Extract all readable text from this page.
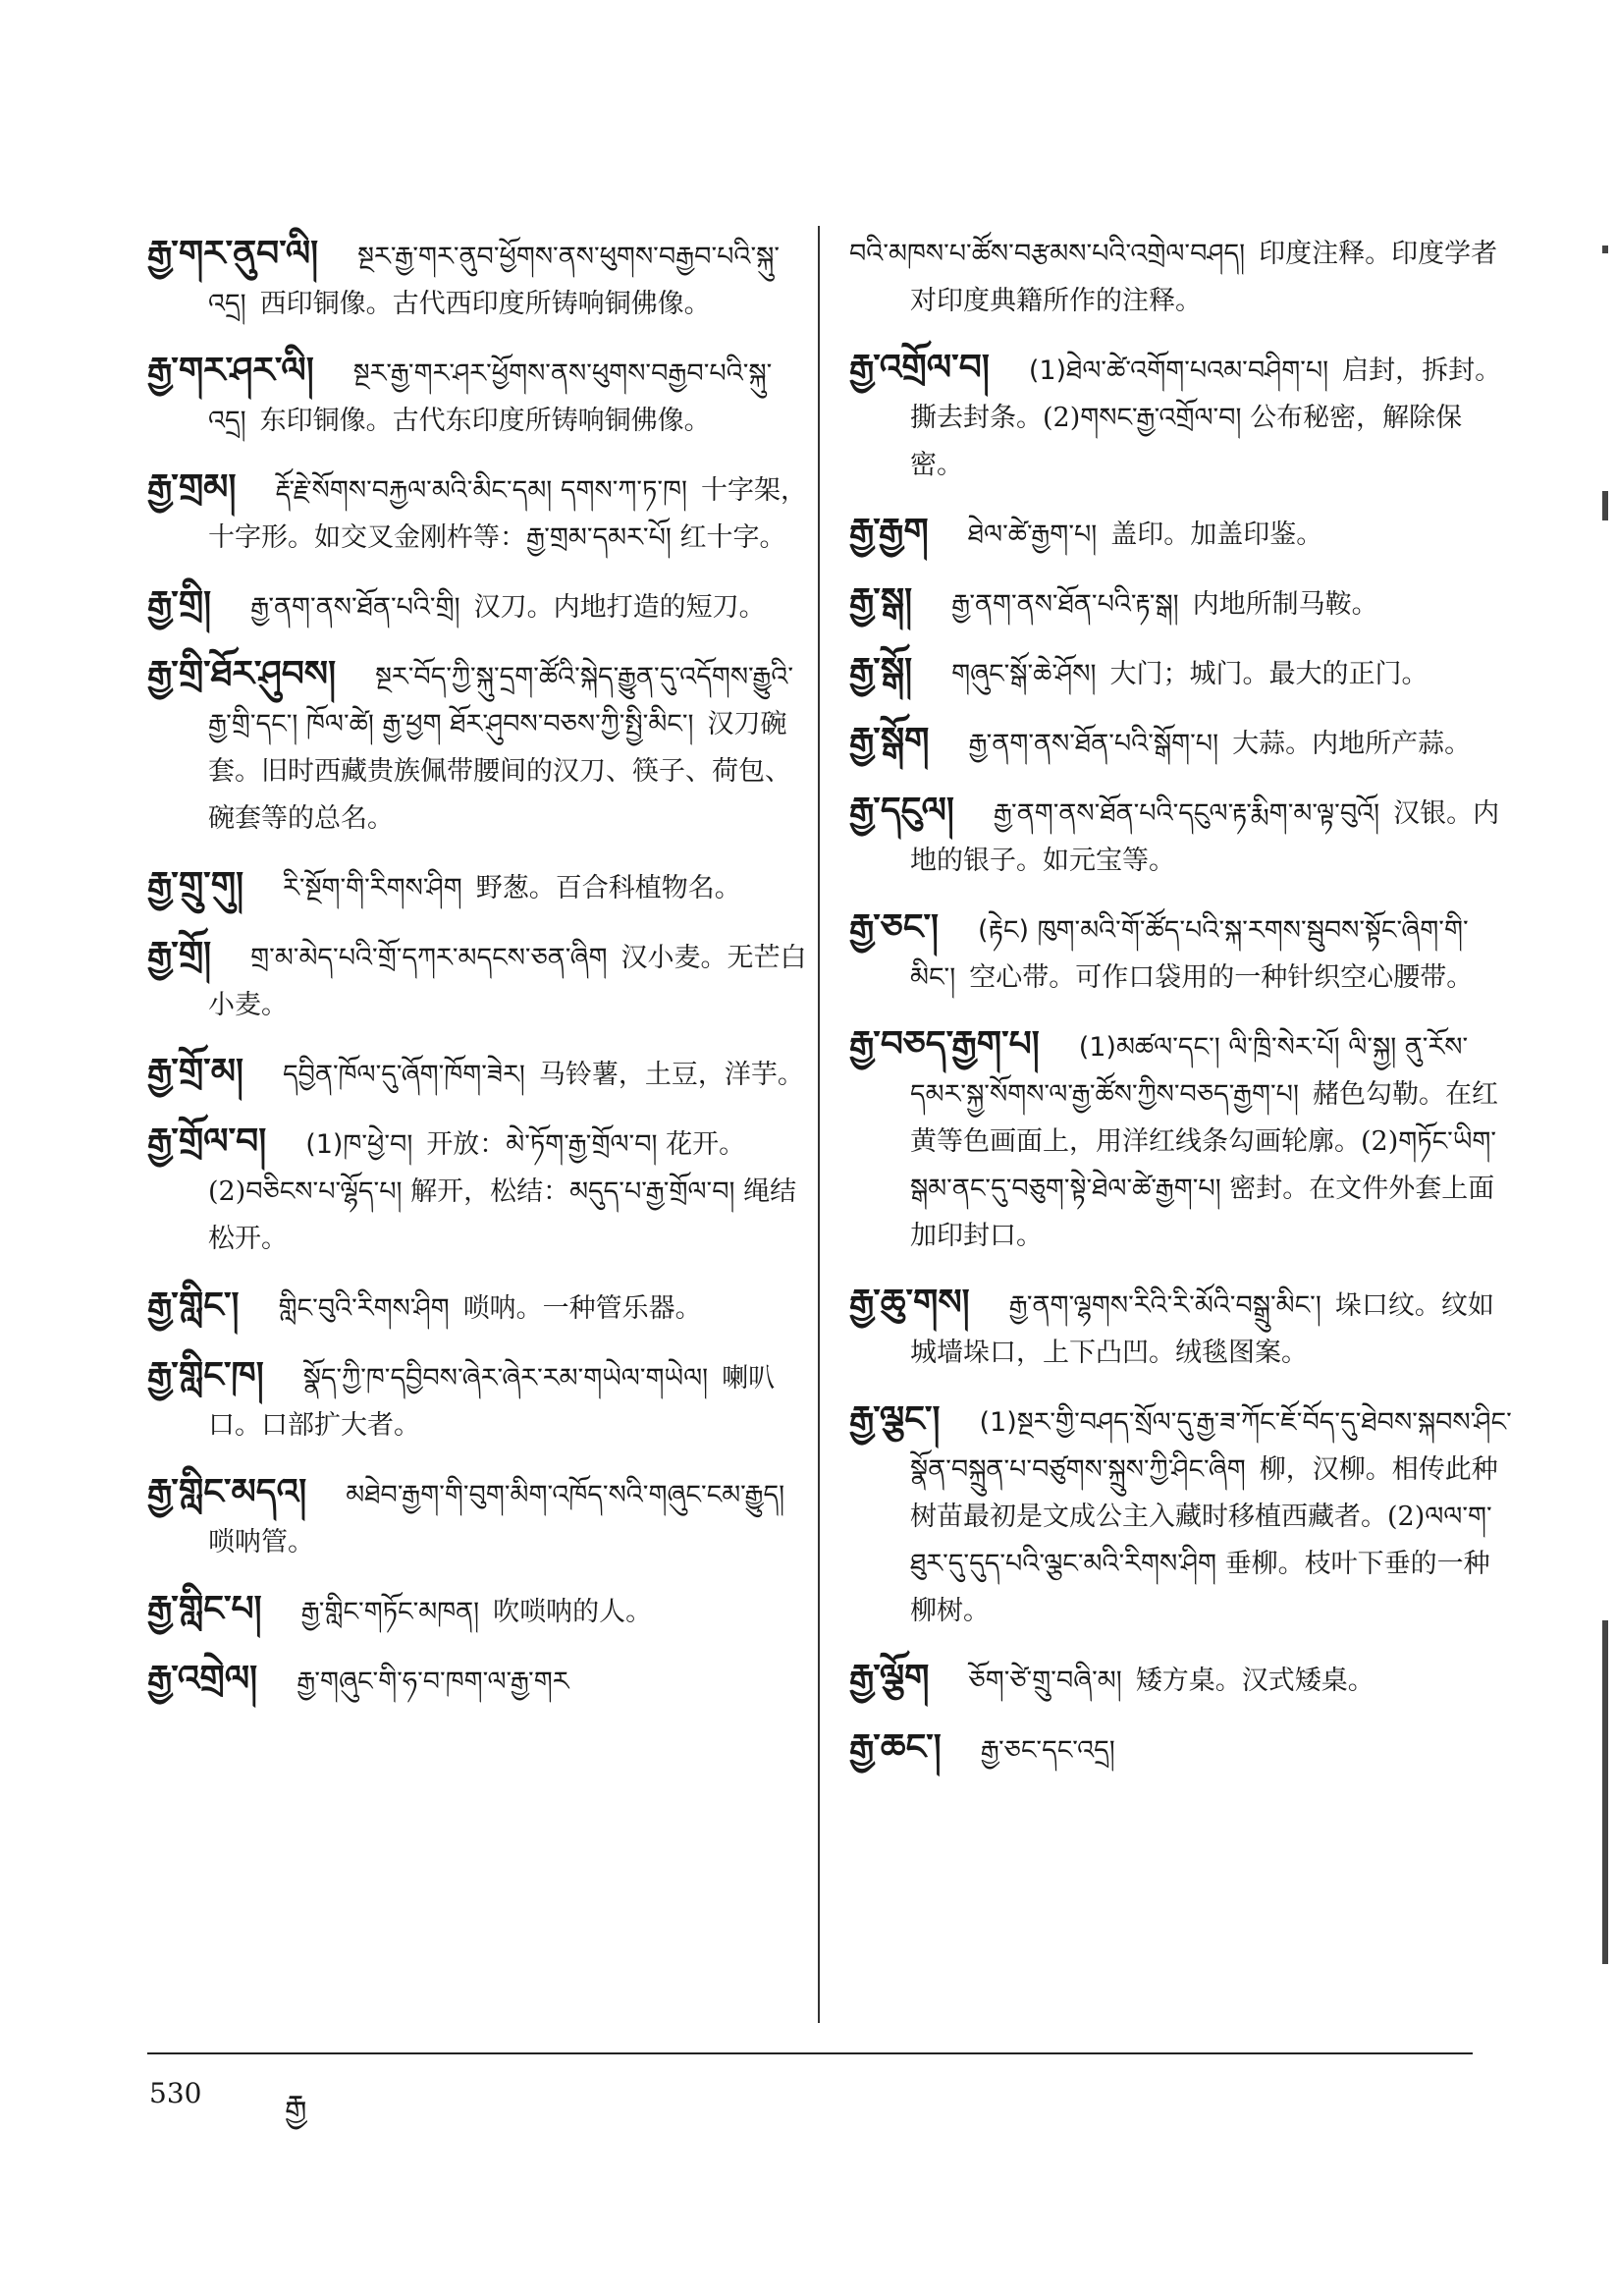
རྒྱ་གར་ནུབ་ལི། སྔར་རྒྱ་གར་ནུབ་ཕྱོགས་ནས་ཕུགས་བརྒྱབ་པའི་སྐུ་འདྲ། 西印铜像。古代西印度所铸响铜佛像。
རྒྱ་གར་ཤར་ལི། སྔར་རྒྱ་གར་ཤར་ཕྱོགས་ནས་ཕུགས་བརྒྱབ་པའི་སྐུ་འདྲ། 东印铜像。古代东印度所铸响铜佛像。
རྒྱ་གྲམ། རྡོ་རྗེ་སོགས་བརྐྱལ་མའི་མིང་དམ། དགས་ཀ་ཏ་ཁ། 十字架，十字形。如交叉金刚杵等：རྒྱ་གྲམ་དམར་པོ། 红十字。
རྒྱ་གྲི། རྒྱ་ནག་ནས་ཐོན་པའི་གྲི། 汉刀。内地打造的短刀。
རྒྱ་གྲི་ཐོར་ཤུབས། སྔར་བོད་ཀྱི་སྐུ་དྲག་ཚོའི་སྐེད་རྒྱུན་དུ་འདོགས་རྒྱུའི་རྒྱ་གྲི་དང་། ཁོལ་ཚེ། རྒྱ་ཕྱག ཐོར་ཤུབས་བཅས་ཀྱི་སྤྱི་མིང་། 汉刀碗套。旧时西藏贵族佩带腰间的汉刀、筷子、荷包、碗套等的总名。
རྒྱ་གྲུ་གུ། རི་སྔོག་གི་རིགས་ཤིག 野葱。百合科植物名。
རྒྱ་གྲོ། གྲ་མ་མེད་པའི་གྲོ་དཀར་མདངས་ཅན་ཞིག 汉小麦。无芒白小麦。
རྒྱ་གྲོ་མ། དབྱིན་ཁོལ་དུ་ཞོག་ཁོག་ཟེར། 马铃薯，土豆，洋芋。
རྒྱ་གྲོལ་བ། (1)ཁ་ཕྱེ་བ། 开放：མེ་ཏོག་རྒྱ་གྲོལ་བ། 花开。(2)བཅིངས་པ་ལྷོད་པ། 解开，松结：མདུད་པ་རྒྱ་གྲོལ་བ། 绳结松开。
རྒྱ་གླིང་། གླིང་བུའི་རིགས་ཤིག 唢呐。一种管乐器。
རྒྱ་གླིང་ཁ། སྣོད་ཀྱི་ཁ་དབྱིབས་ཞེར་ཞེར་རམ་གཡེལ་གཡེལ། 喇叭口。口部扩大者。
རྒྱ་གླིང་མདའ། མཐེབ་རྒྱག་གི་བུག་མིག་འཁོད་སའི་གཞུང་ངམ་རྒྱུད།唢呐管。
རྒྱ་གླིང་པ། རྒྱ་གླིང་གཏོང་མཁན། 吹唢呐的人。
རྒྱ་འགྲེལ། རྒྱ་གཞུང་གི་ཧ་བ་ཁག་ལ་རྒྱ་གར
བའི་མཁས་པ་ཚོས་བརྩམས་པའི་འགྲེལ་བཤད། 印度注释。印度学者对印度典籍所作的注释。
རྒྱ་འགྲོལ་བ། (1)ཐེལ་ཚེ་འགོག་པའམ་བཤིག་པ། 启封，拆封。撕去封条。(2)གསང་རྒྱ་འགྲོལ་བ། 公布秘密，解除保密。
རྒྱ་རྒྱག ཐེལ་ཚེ་རྒྱག་པ། 盖印。加盖印鉴。
རྒྱ་སྒ། རྒྱ་ནག་ནས་ཐོན་པའི་རྟ་སྒ། 内地所制马鞍。
རྒྱ་སྒོ། གཞུང་སྒོ་ཆེ་ཤོས། 大门；城门。最大的正门。
རྒྱ་སྒོག རྒྱ་ནག་ནས་ཐོན་པའི་སྒོག་པ། 大蒜。内地所产蒜。
རྒྱ་དངུལ། རྒྱ་ནག་ནས་ཐོན་པའི་དངུལ་རྟ་རྨིག་མ་ལྟ་བུའོ། 汉银。内地的银子。如元宝等。
རྒྱ་ཅང་། (རྟེང) ཁུག་མའི་གོ་ཚོད་པའི་སྐ་རགས་སྦུབས་སྟོང་ཞིག་གི་མིང་། 空心带。可作口袋用的一种针织空心腰带。
རྒྱ་བཅད་རྒྱག་པ། (1)མཚལ་དང་། ལི་ཁྲི་སེར་པོ། ལི་སྐྱ། ནུ་རོས་དམར་སྐྱ་སོགས་ལ་རྒྱ་ཚོས་ཀྱིས་བཅད་རྒྱག་པ། 赭色勾勒。在红黄等色画面上，用洋红线条勾画轮廓。(2)གཏོང་ཡིག་སྒམ་ནང་དུ་བཅུག་སྟེ་ཐེལ་ཚེ་རྒྱག་པ། 密封。在文件外套上面加印封口。
རྒྱ་ཆུ་གས། རྒྱ་ནག་ལྷགས་རིའི་རི་མོའི་བསྒྲུ་མིང་། 垛口纹。纹如城墙垛口，上下凸凹。绒毯图案。
རྒྱ་ལྕང་། (1)སྔར་གྱི་བཤད་སྲོལ་དུ་རྒྱ་ཟ་ཀོང་ཇོ་བོད་དུ་ཐེབས་སྐབས་ཤིང་སྣོན་བསྐྲུན་པ་བཙུགས་སྐྲུས་ཀྱི་ཤིང་ཞིག 柳，汉柳。相传此种树苗最初是文成公主入藏时移植西藏者。(2)ལལ་ག་ཐུར་དུ་དུད་པའི་ལྕང་མའི་རིགས་ཤིག 垂柳。枝叶下垂的一种柳树。
རྒྱ་ལྕོག ཅོག་ཙེ་གྲུ་བཞི་མ། 矮方桌。汉式矮桌。
རྒྱ་ཆང་། རྒྱ་ཅང་དང་འདྲ།
530	རྒྱ
